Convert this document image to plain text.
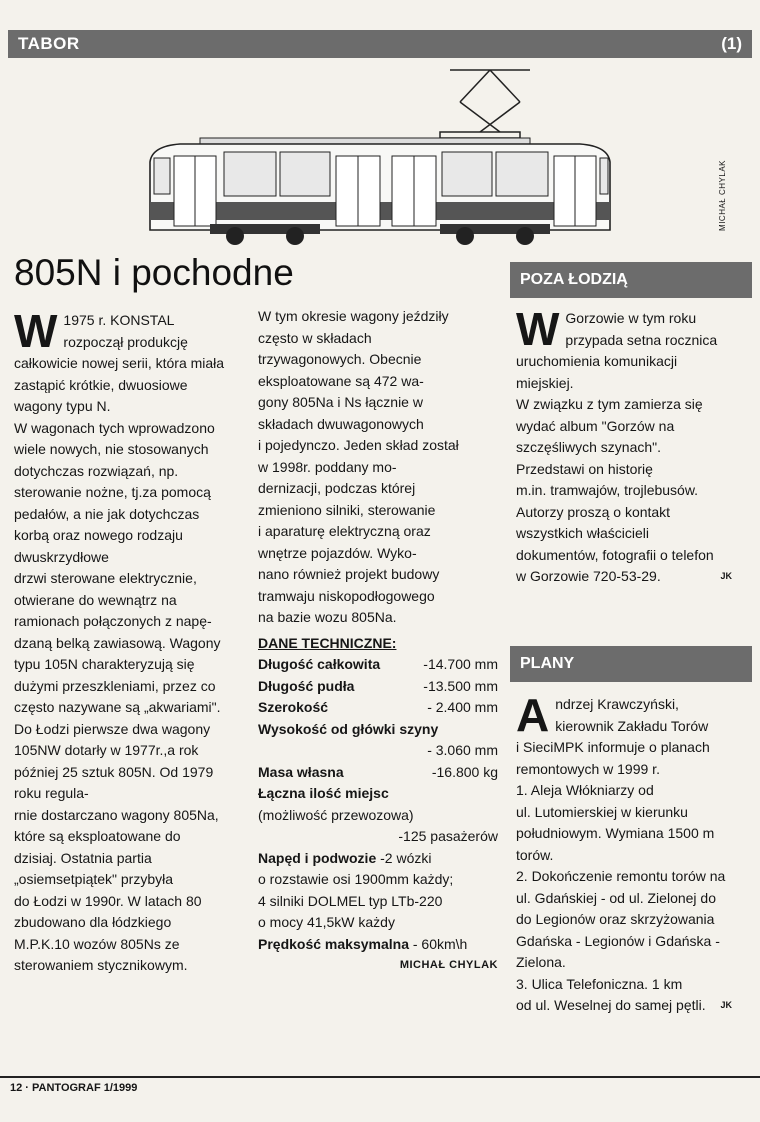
TABOR	(1)
MICHAŁ CHYLAK
805N i pochodne
W 1975 r. KONSTAL

rozpoczął produkcję

całkowicie nowej serii, która miała

zastąpić krótkie, dwuosiowe

wagony typu N.

W wagonach tych wprowadzono

wiele nowych, nie stosowanych

dotychczas rozwiązań, np.

sterowanie nożne, tj.za pomocą

pedałów, a nie jak dotychczas

korbą oraz nowego rodzaju

dwuskrzydłowe

drzwi sterowane elektrycznie,

otwierane do wewnątrz na

ramionach połączonych z napę-

dzaną belką zawiasową. Wagony

typu 105N charakteryzują się

dużymi przeszkleniami, przez co

często nazywane są „akwariami".

Do Łodzi pierwsze dwa wagony

105NW dotarły w 1977r.,a rok

później 25 sztuk 805N. Od 1979

roku regula-

rnie dostarczano wagony 805Na,

które są eksploatowane do

dzisiaj. Ostatnia partia

„osiemsetpiątek" przybyła

do Łodzi w 1990r. W latach 80

zbudowano dla łódzkiego

M.P.K.10 wozów 805Ns ze

sterowaniem stycznikowym.

W tym okresie wagony jeździły

często w składach

trzywagonowych. Obecnie

eksploatowane są 472 wa-

gony 805Na i Ns łącznie w

składach dwuwagonowych

i pojedynczo. Jeden skład został

w 1998r. poddany mo-

dernizacji, podczas której

zmieniono silniki, sterowanie

i aparaturę elektryczną oraz

wnętrze pojazdów. Wyko-

nano również projekt budowy

tramwaju niskopodłogowego

na bazie wozu 805Na.

DANE TECHNICZNE:

Długość całkowita	-14.700 mm
Długość pudła	-13.500 mm
Szerokość	- 2.400 mm

Wysokość od główki szyny

- 3.060 mm

Masa własna	-16.800 kg

Łączna ilość miejsc

(możliwość przewozowa)

-125 pasażerów

Napęd i podwozie -2 wózki

o rozstawie osi 1900mm każdy;

4 silniki DOLMEL typ LTb-220

o mocy 41,5kW każdy

Prędkość maksymalna - 60km\h

MICHAŁ CHYLAK

POZA ŁODZIĄ
W Gorzowie w tym roku

przypada setna rocznica

uruchomienia komunikacji

miejskiej.

W związku z tym zamierza się

wydać album "Gorzów na

szczęśliwych szynach".

Przedstawi on historię

m.in. tramwajów, trojlebusów.

Autorzy proszą o kontakt

wszystkich właścicieli

dokumentów, fotografii o telefon

w Gorzowie 720-53-29.	JK

PLANY
A ndrzej Krawczyński,

kierownik Zakładu Torów

i SieciMPK informuje o planach

remontowych w 1999 r.

1. Aleja Włókniarzy od

ul. Lutomierskiej w kierunku

południowym. Wymiana 1500 m

torów.

2. Dokończenie remontu torów na

ul. Gdańskiej - od ul. Zielonej do

do Legionów oraz skrzyżowania

Gdańska - Legionów i Gdańska -

Zielona.

3. Ulica Telefoniczna. 1 km

od ul. Weselnej do samej pętli. JK

12 · PANTOGRAF 1/1999
